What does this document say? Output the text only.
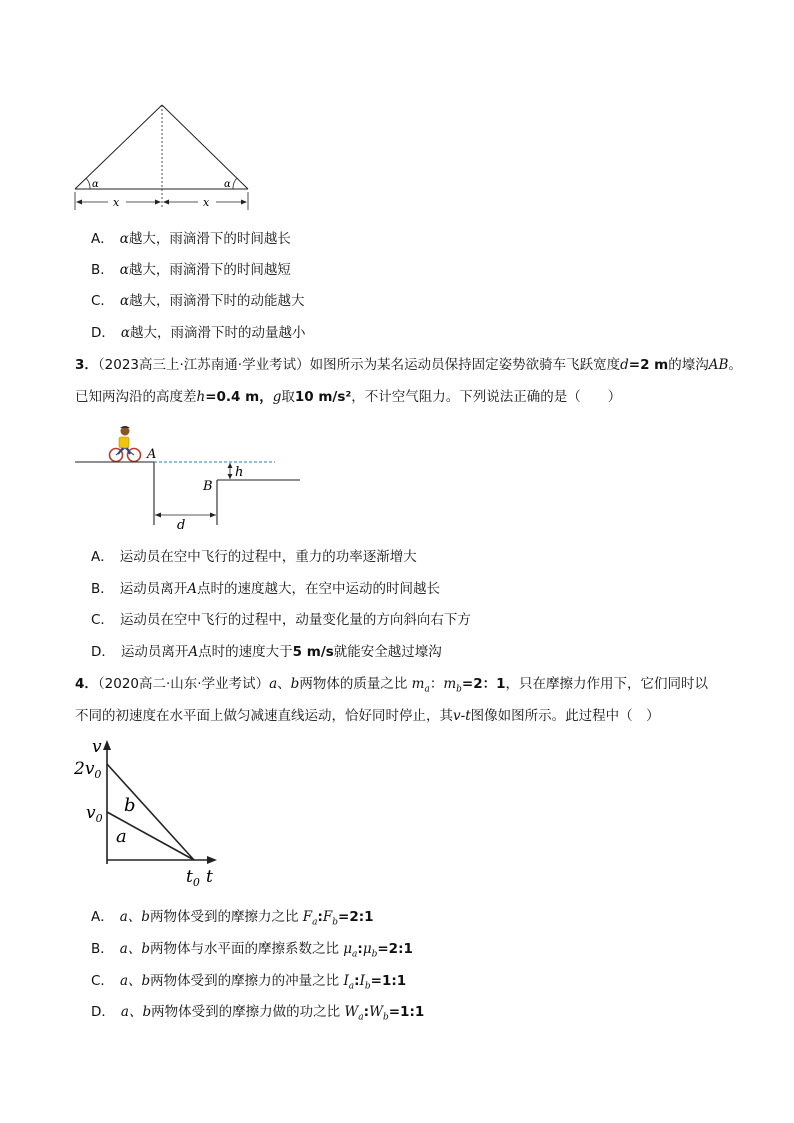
α	α
x	x
A． α越大，雨滴滑下的时间越长
B． α越大，雨滴滑下的时间越短
C． α越大，雨滴滑下时的动能越大
D． α越大，雨滴滑下时的动量越小
3．（2023高三上·江苏南通·学业考试）如图所示为某名运动员保持固定姿势欲骑车飞跃宽度d=2 m的壕沟AB。
已知两沟沿的高度差h=0.4 m，g取10 m/s²，不计空气阻力。下列说法正确的是（　　）
A
B
h
d
A． 运动员在空中飞行的过程中，重力的功率逐渐增大
B． 运动员离开A点时的速度越大，在空中运动的时间越长
C． 运动员在空中飞行的过程中，动量变化量的方向斜向右下方
D． 运动员离开A点时的速度大于5 m/s就能安全越过壕沟
4．（2020高二·山东·学业考试）a、b两物体的质量之比 $m_a$：$m_b=2$：1，只在摩擦力作用下，它们同时以
不同的初速度在水平面上做匀减速直线运动，恰好同时停止，其v-t图像如图所示。此过程中（　）
v
$2v_0$
$v_0$
b
a
$t_0$ t
A． a、b两物体受到的摩擦力之比 $F_a:F_b=2:1$
B． a、b两物体与水平面的摩擦系数之比 $\mu_a:\mu_b=2:1$
C． a、b两物体受到的摩擦力的冲量之比 $I_a:I_b=1:1$
D． a、b两物体受到的摩擦力做的功之比 $W_a:W_b=1:1$
